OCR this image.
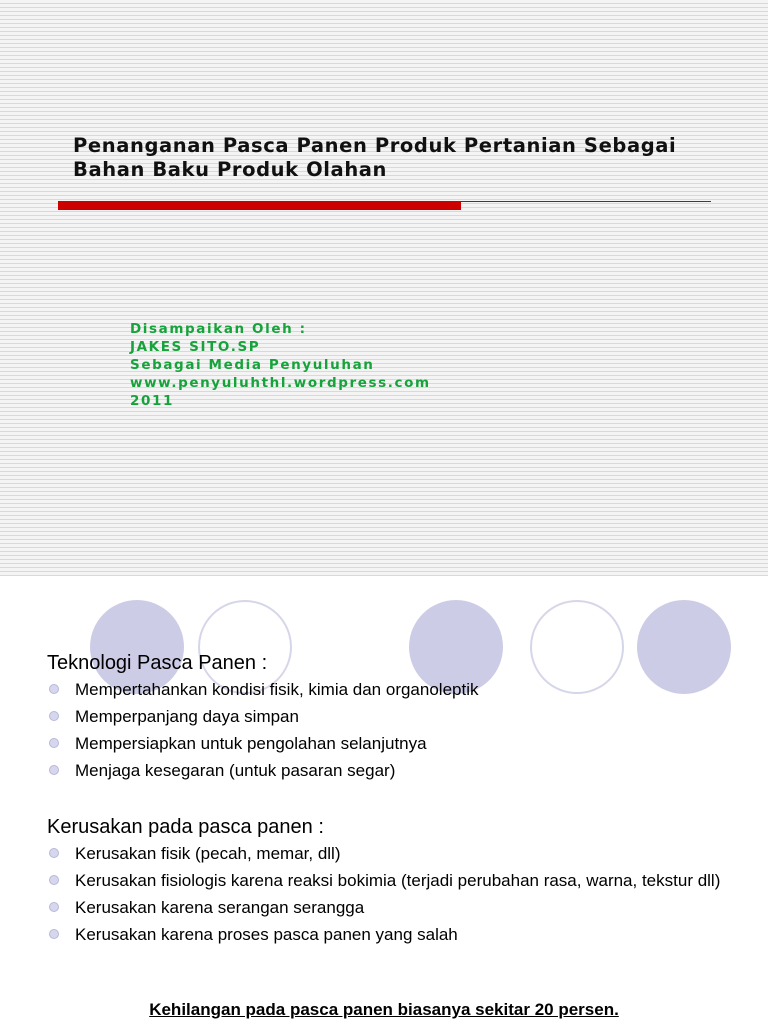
Penanganan Pasca Panen Produk Pertanian Sebagai
Bahan Baku Produk Olahan
Disampaikan Oleh :
JAKES SITO.SP
Sebagai Media Penyuluhan
www.penyuluhthl.wordpress.com
2011
Teknologi Pasca Panen :
Mempertahankan kondisi fisik, kimia dan organoleptik
Memperpanjang daya simpan
Mempersiapkan untuk pengolahan selanjutnya
Menjaga kesegaran (untuk pasaran segar)
Kerusakan pada pasca panen :
Kerusakan fisik (pecah, memar, dll)
Kerusakan fisiologis karena reaksi bokimia (terjadi perubahan rasa, warna, tekstur dll)
Kerusakan karena serangan serangga
Kerusakan karena proses pasca panen yang salah
Kehilangan pada pasca panen biasanya sekitar 20 persen.
